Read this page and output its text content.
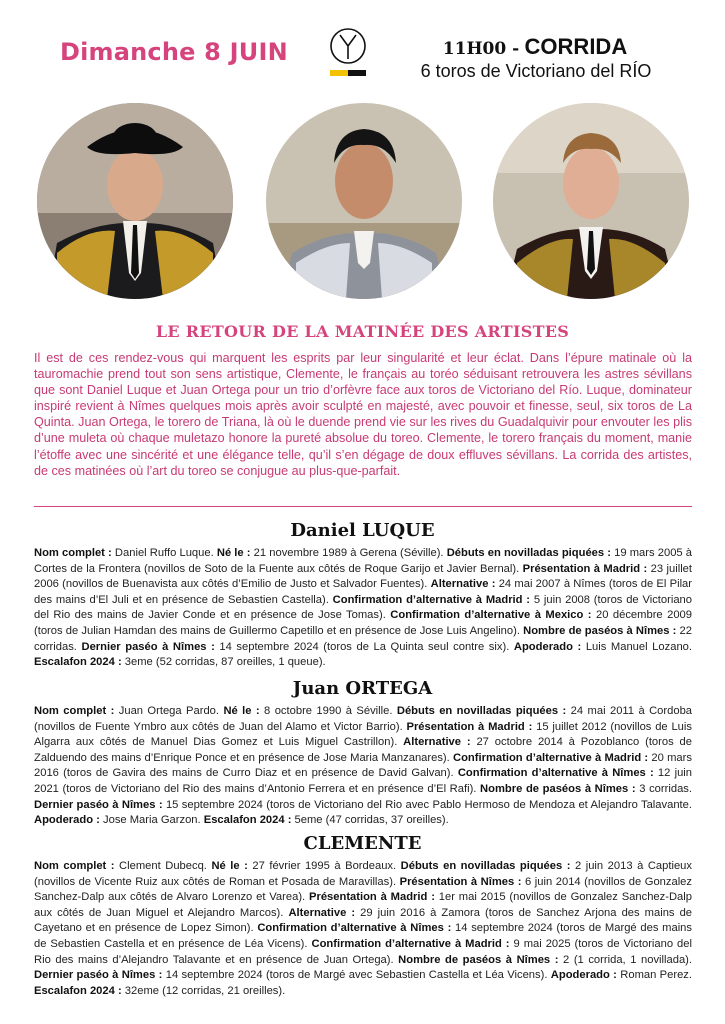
Dimanche 8 JUIN	11H00 - CORRIDA
6 toros de Victoriano del RÍO
LE RETOUR DE LA MATINÉE DES ARTISTES
Il est de ces rendez-vous qui marquent les esprits par leur singularité et leur éclat. Dans l’épure matinale où la tauromachie prend tout son sens artistique, Clemente, le français au toréo séduisant retrouvera les astres sévillans que sont Daniel Luque et Juan Ortega pour un trio d’orfèvre face aux toros de Victoriano del Río. Luque, dominateur inspiré revient à Nîmes quelques mois après avoir sculpté en majesté, avec pouvoir et finesse, seul, six toros de La Quinta. Juan Ortega, le torero de Triana, là où le duende prend vie sur les rives du Guadalquivir pour envouter les plis d’une muleta où chaque muletazo honore la pureté absolue du toreo. Clemente, le torero français du moment, manie l’étoffe avec une sincérité et une élégance telle, qu’il s’en dégage de doux effluves sévillans. La corrida des artistes, de ces matinées où l’art du toreo se conjugue au plus-que-parfait.
Daniel LUQUE
Nom complet : Daniel Ruffo Luque. Né le : 21 novembre 1989 à Gerena (Séville). Débuts en novilladas piquées : 19 mars 2005 à Cortes de la Frontera (novillos de Soto de la Fuente aux côtés de Roque Garijo et Javier Bernal). Présentation à Madrid : 23 juillet 2006 (novillos de Buenavista aux côtés d’Emilio de Justo et Salvador Fuentes). Alternative : 24 mai 2007 à Nîmes (toros de El Pilar des mains d’El Juli et en présence de Sebastien Castella). Confirmation d’alternative à Madrid : 5 juin 2008 (toros de Victoriano del Rio des mains de Javier Conde et en présence de Jose Tomas). Confirmation d’alternative à Mexico : 20 décembre 2009 (toros de Julian Hamdan des mains de Guillermo Capetillo et en présence de Jose Luis Angelino). Nombre de paséos à Nîmes : 22 corridas. Dernier paséo à Nîmes : 14 septembre 2024 (toros de La Quinta seul contre six). Apoderado : Luis Manuel Lozano. Escalafon 2024 : 3eme (52 corridas, 87 oreilles, 1 queue).
Juan ORTEGA
Nom complet : Juan Ortega Pardo. Né le : 8 octobre 1990 à Séville. Débuts en novilladas piquées : 24 mai 2011 à Cordoba (novillos de Fuente Ymbro aux côtés de Juan del Alamo et Victor Barrio). Présentation à Madrid : 15 juillet 2012 (novillos de Luis Algarra aux côtés de Manuel Dias Gomez et Luis Miguel Castrillon). Alternative : 27 octobre 2014 à Pozoblanco (toros de Zalduendo des mains d’Enrique Ponce et en présence de Jose Maria Manzanares). Confirmation d’alternative à Madrid : 20 mars 2016 (toros de Gavira des mains de Curro Diaz et en présence de David Galvan). Confirmation d’alternative à Nîmes : 12 juin 2021 (toros de Victoriano del Rio des mains d’Antonio Ferrera et en présence d’El Rafi). Nombre de paséos à Nîmes : 3 corridas. Dernier paséo à Nîmes : 15 septembre 2024 (toros de Victoriano del Rio avec Pablo Hermoso de Mendoza et Alejandro Talavante. Apoderado : Jose Maria Garzon. Escalafon 2024 : 5eme (47 corridas, 37 oreilles).
CLEMENTE
Nom complet : Clement Dubecq. Né le : 27 février 1995 à Bordeaux. Débuts en novilladas piquées : 2 juin 2013 à Captieux (novillos de Vicente Ruiz aux côtés de Roman et Posada de Maravillas). Présentation à Nîmes : 6 juin 2014 (novillos de Gonzalez Sanchez-Dalp aux côtés de Alvaro Lorenzo et Varea). Présentation à Madrid : 1er mai 2015 (novillos de Gonzalez Sanchez-Dalp aux côtés de Juan Miguel et Alejandro Marcos). Alternative : 29 juin 2016 à Zamora (toros de Sanchez Arjona des mains de Cayetano et en présence de Lopez Simon). Confirmation d’alternative à Nîmes : 14 septembre 2024 (toros de Margé des mains de Sebastien Castella et en présence de Léa Vicens). Confirmation d’alternative à Madrid : 9 mai 2025 (toros de Victoriano del Rio des mains d’Alejandro Talavante et en présence de Juan Ortega). Nombre de paséos à Nîmes : 2 (1 corrida, 1 novillada). Dernier paséo à Nîmes : 14 septembre 2024 (toros de Margé avec Sebastien Castella et Léa Vicens). Apoderado : Roman Perez. Escalafon 2024 : 32eme (12 corridas, 21 oreilles).
